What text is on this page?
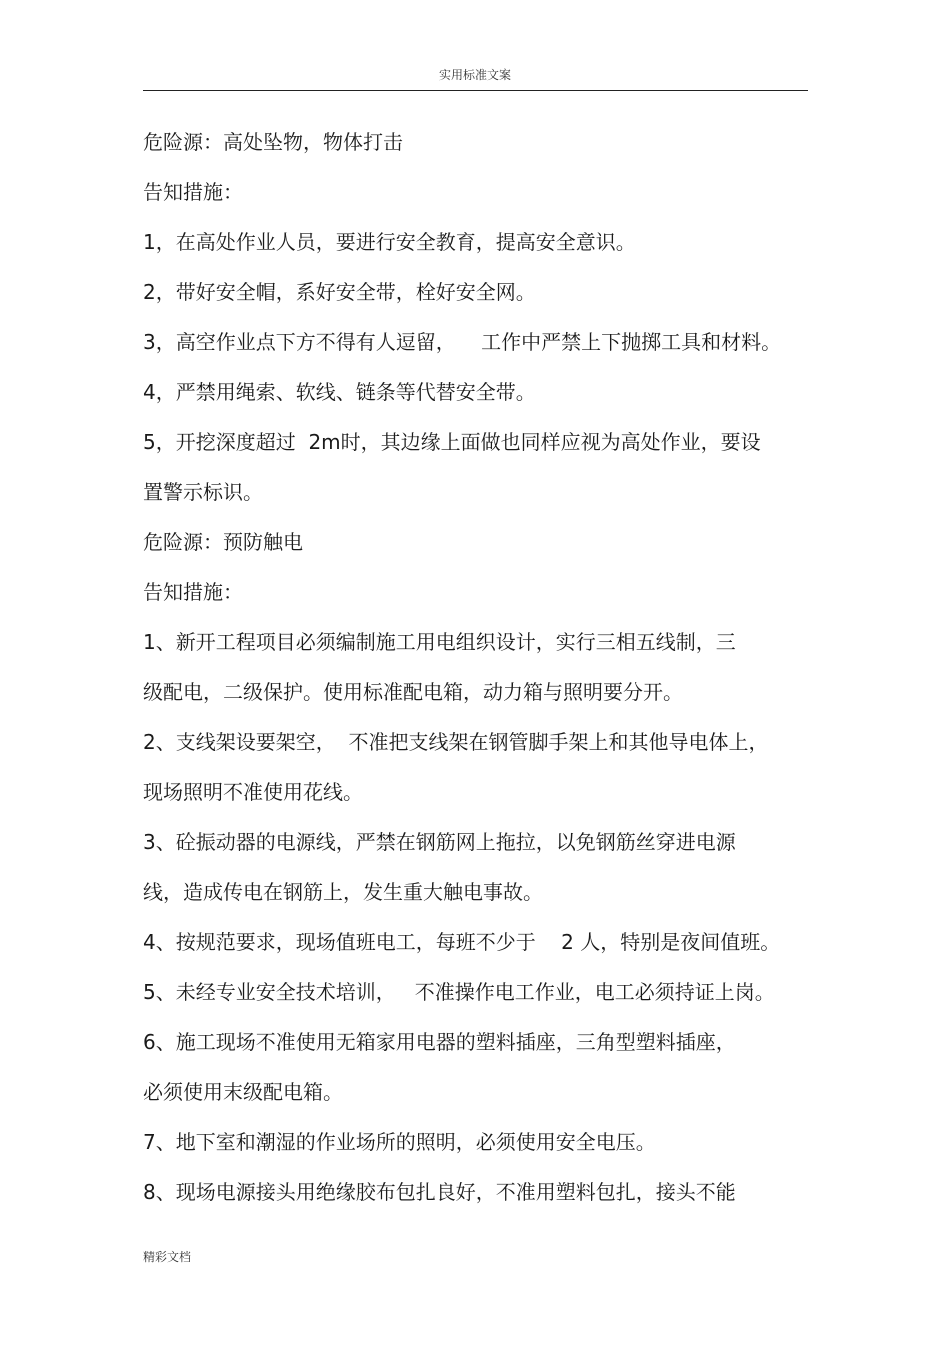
实用标准文案
危险源：高处坠物，物体打击
告知措施：
1，在高处作业人员，要进行安全教育，提高安全意识。
2，带好安全帽，系好安全带，栓好安全网。
3，高空作业点下方不得有人逗留，    工作中严禁上下抛掷工具和材料。
4，严禁用绳索、软线、链条等代替安全带。
5，开挖深度超过  2m时，其边缘上面做也同样应视为高处作业，要设
置警示标识。
危险源：预防触电
告知措施：
1、新开工程项目必须编制施工用电组织设计，实行三相五线制，三
级配电，二级保护。使用标准配电箱，动力箱与照明要分开。
2、支线架设要架空，  不准把支线架在钢管脚手架上和其他导电体上，
现场照明不准使用花线。
3、砼振动器的电源线，严禁在钢筋网上拖拉，以免钢筋丝穿进电源
线，造成传电在钢筋上，发生重大触电事故。
4、按规范要求，现场值班电工，每班不少于    2 人，特别是夜间值班。
5、未经专业安全技术培训，   不准操作电工作业，电工必须持证上岗。
6、施工现场不准使用无箱家用电器的塑料插座，三角型塑料插座，
必须使用末级配电箱。
7、地下室和潮湿的作业场所的照明，必须使用安全电压。
8、现场电源接头用绝缘胶布包扎良好，不准用塑料包扎，接头不能
精彩文档
